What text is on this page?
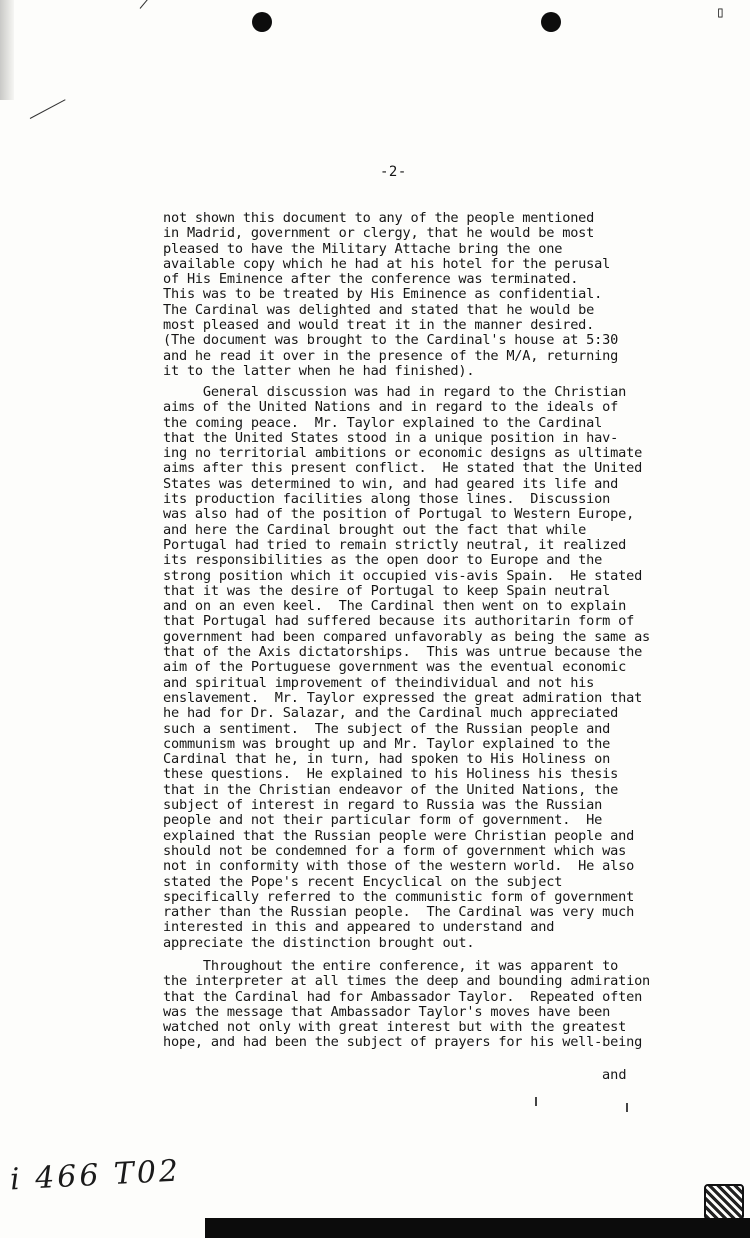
▭
-2-

not shown this document to any of the people mentioned
in Madrid, government or clergy, that he would be most
pleased to have the Military Attache bring the one
available copy which he had at his hotel for the perusal
of His Eminence after the conference was terminated.
This was to be treated by His Eminence as confidential.
The Cardinal was delighted and stated that he would be
most pleased and would treat it in the manner desired.
(The document was brought to the Cardinal's house at 5:30
and he read it over in the presence of the M/A, returning
it to the latter when he had finished).

General discussion was had in regard to the Christian
aims of the United Nations and in regard to the ideals of
the coming peace.  Mr. Taylor explained to the Cardinal
that the United States stood in a unique position in hav-
ing no territorial ambitions or economic designs as ultimate
aims after this present conflict.  He stated that the United
States was determined to win, and had geared its life and
its production facilities along those lines.  Discussion
was also had of the position of Portugal to Western Europe,
and here the Cardinal brought out the fact that while
Portugal had tried to remain strictly neutral, it realized
its responsibilities as the open door to Europe and the
strong position which it occupied vis-avis Spain.  He stated
that it was the desire of Portugal to keep Spain neutral
and on an even keel.  The Cardinal then went on to explain
that Portugal had suffered because its authoritarin form of
government had been compared unfavorably as being the same as
that of the Axis dictatorships.  This was untrue because the
aim of the Portuguese government was the eventual economic
and spiritual improvement of theindividual and not his
enslavement.  Mr. Taylor expressed the great admiration that
he had for Dr. Salazar, and the Cardinal much appreciated
such a sentiment.  The subject of the Russian people and
communism was brought up and Mr. Taylor explained to the
Cardinal that he, in turn, had spoken to His Holiness on
these questions.  He explained to his Holiness his thesis
that in the Christian endeavor of the United Nations, the
subject of interest in regard to Russia was the Russian
people and not their particular form of government.  He
explained that the Russian people were Christian people and
should not be condemned for a form of government which was
not in conformity with those of the western world.  He also
stated the Pope's recent Encyclical on the subject
specifically referred to the communistic form of government
rather than the Russian people.  The Cardinal was very much
interested in this and appeared to understand and
appreciate the distinction brought out.

Throughout the entire conference, it was apparent to
the interpreter at all times the deep and bounding admiration
that the Cardinal had for Ambassador Taylor.  Repeated often
was the message that Ambassador Taylor's moves have been
watched not only with great interest but with the greatest
hope, and had been the subject of prayers for his well-being

and
i 466 T02
